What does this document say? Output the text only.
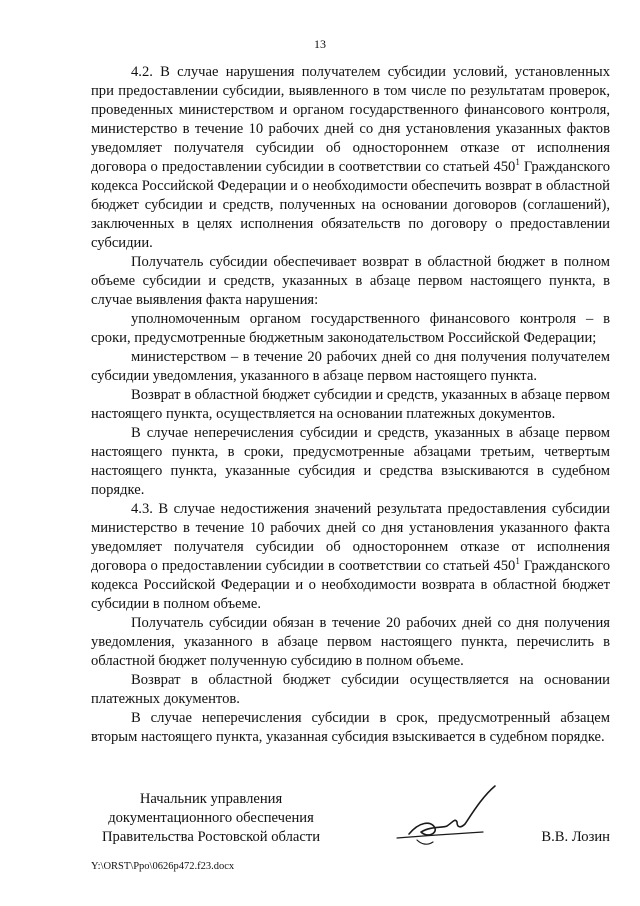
13

4.2. В случае нарушения получателем субсидии условий, установленных при предоставлении субсидии, выявленного в том числе по результатам проверок, проведенных министерством и органом государственного финансового контроля, министерство в течение 10 рабочих дней со дня установления указанных фактов уведомляет получателя субсидии об одностороннем отказе от исполнения договора о предоставлении субсидии в соответствии со статьей $450^1$ Гражданского кодекса Российской Федерации и о необходимости обеспечить возврат в областной бюджет субсидии и средств, полученных на основании договоров (соглашений), заключенных в целях исполнения обязательств по договору о предоставлении субсидии.

Получатель субсидии обеспечивает возврат в областной бюджет в полном объеме субсидии и средств, указанных в абзаце первом настоящего пункта, в случае выявления факта нарушения:

уполномоченным органом государственного финансового контроля – в сроки, предусмотренные бюджетным законодательством Российской Федерации;

министерством – в течение 20 рабочих дней со дня получения получателем субсидии уведомления, указанного в абзаце первом настоящего пункта.

Возврат в областной бюджет субсидии и средств, указанных в абзаце первом настоящего пункта, осуществляется на основании платежных документов.

В случае неперечисления субсидии и средств, указанных в абзаце первом настоящего пункта, в сроки, предусмотренные абзацами третьим, четвертым настоящего пункта, указанные субсидия и средства взыскиваются в судебном порядке.

4.3. В случае недостижения значений результата предоставления субсидии министерство в течение 10 рабочих дней со дня установления указанного факта уведомляет получателя субсидии об одностороннем отказе от исполнения договора о предоставлении субсидии в соответствии со статьей $450^1$ Гражданского кодекса Российской Федерации и о необходимости возврата в областной бюджет субсидии в полном объеме.

Получатель субсидии обязан в течение 20 рабочих дней со дня получения уведомления, указанного в абзаце первом настоящего пункта, перечислить в областной бюджет полученную субсидию в полном объеме.

Возврат в областной бюджет субсидии осуществляется на основании платежных документов.

В случае неперечисления субсидии в срок, предусмотренный абзацем вторым настоящего пункта, указанная субсидия взыскивается в судебном порядке.

Начальник управления
документационного обеспечения
Правительства Ростовской области	В.В. Лозин
Y:\ORST\Ppo\0626p472.f23.docx
